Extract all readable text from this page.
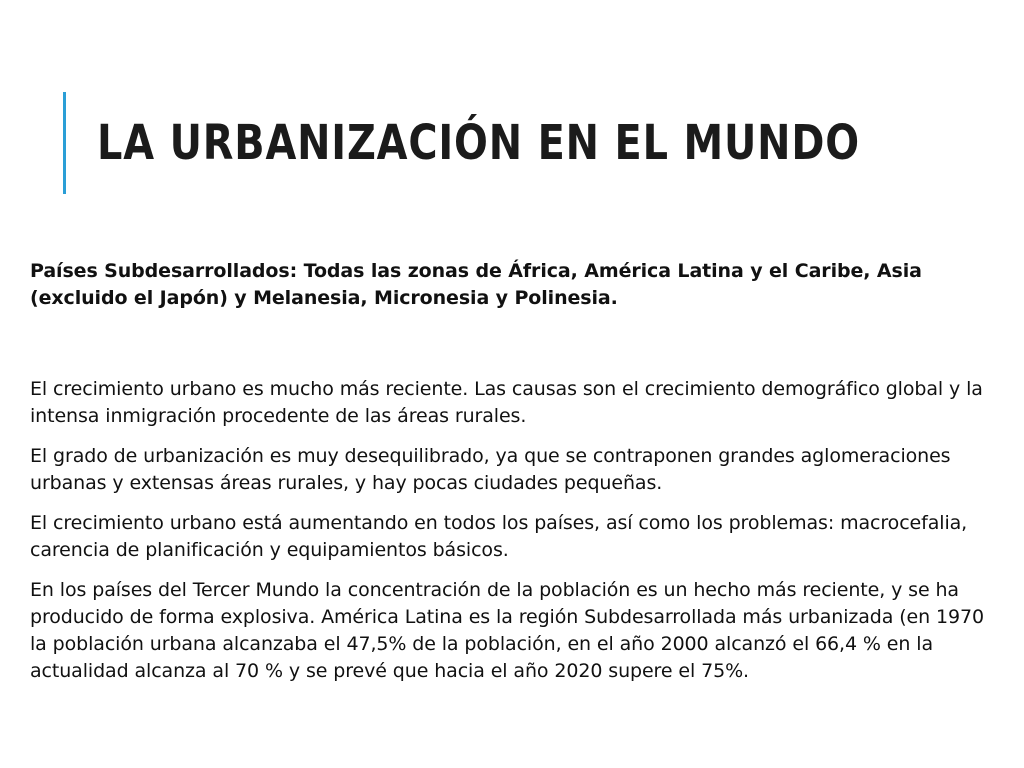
LA URBANIZACIÓN EN EL MUNDO

Países Subdesarrollados: Todas las zonas de África, América Latina y el Caribe, Asia (excluido el Japón) y Melanesia, Micronesia y Polinesia.

El crecimiento urbano es mucho más reciente. Las causas son el crecimiento demográfico global y la intensa inmigración procedente de las áreas rurales.

El grado de urbanización es muy desequilibrado, ya que se contraponen grandes aglomeraciones urbanas y extensas áreas rurales, y hay pocas ciudades pequeñas.

El crecimiento urbano está aumentando en todos los países, así como los problemas: macrocefalia, carencia de planificación y equipamientos básicos.

En los países del Tercer Mundo la concentración de la población es un hecho más reciente, y se ha producido de forma explosiva. América Latina es la región Subdesarrollada más urbanizada (en 1970 la población urbana alcanzaba el 47,5% de la población, en el año 2000 alcanzó el 66,4 % en la actualidad alcanza al 70 % y se prevé que hacia el año 2020 supere el 75%.
